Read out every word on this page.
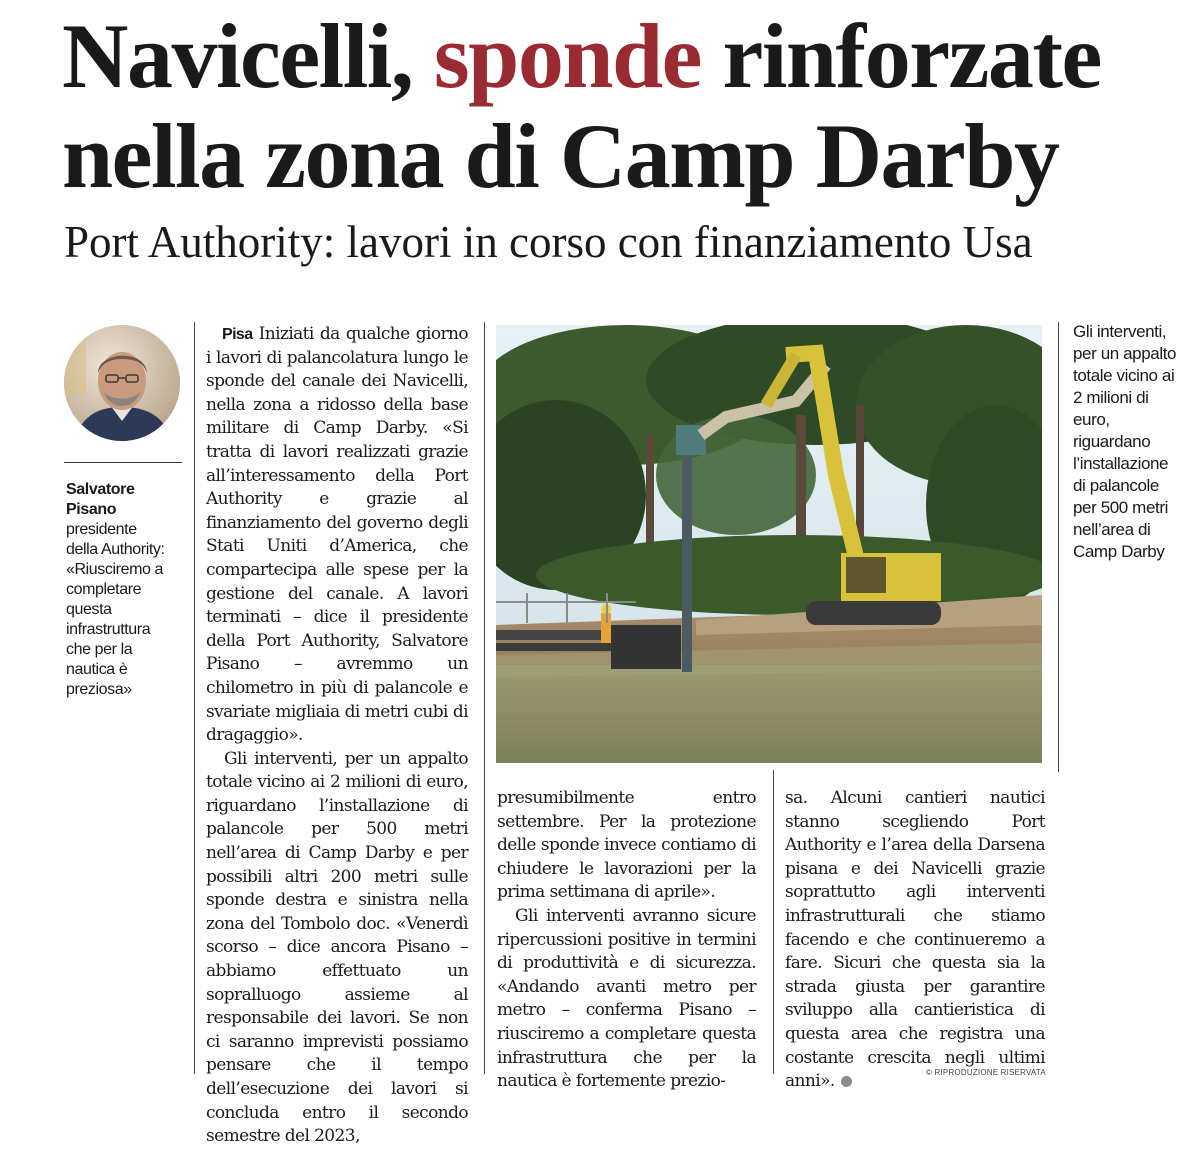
Navicelli, sponde rinforzate nella zona di Camp Darby
Port Authority: lavori in corso con finanziamento Usa
Salvatore Pisano
presidente della Authority: «Riusciremo a completare questa infrastruttura che per la nautica è preziosa»

Pisa Iniziati da qualche giorno i lavori di palancolatura lungo le sponde del canale dei Navicelli, nella zona a ridosso della base militare di Camp Darby. «Si tratta di lavori realizzati grazie all’interessamento della Port Authority e grazie al finanziamento del governo degli Stati Uniti d’America, che compartecipa alle spese per la gestione del canale. A lavori terminati – dice il presidente della Port Authority, Salvatore Pisano – avremmo un chilometro in più di palancole e svariate migliaia di metri cubi di dragaggio».

Gli interventi, per un appalto totale vicino ai 2 milioni di euro, riguardano l’installazione di palancole per 500 metri nell’area di Camp Darby e per possibili altri 200 metri sulle sponde destra e sinistra nella zona del Tombolo doc. «Venerdì scorso – dice ancora Pisano – abbiamo effettuato un sopralluogo assieme al responsabile dei lavori. Se non ci saranno imprevisti possiamo pensare che il tempo dell’esecuzione dei lavori si concluda entro il secondo semestre del 2023,

Gli interventi, per un appalto totale vicino ai 2 milioni di euro, riguardano l’installazione di palancole per 500 metri nell’area di Camp Darby

presumibilmente entro settembre. Per la protezione delle sponde invece contiamo di chiudere le lavorazioni per la prima settimana di aprile».

Gli interventi avranno sicure ripercussioni positive in termini di produttività e di sicurezza. «Andando avanti metro per metro – conferma Pisano – riusciremo a completare questa infrastruttura che per la nautica è fortemente prezio-

sa. Alcuni cantieri nautici stanno scegliendo Port Authority e l’area della Darsena pisana e dei Navicelli grazie soprattutto agli interventi infrastrutturali che stiamo facendo e che continueremo a fare. Sicuri che questa sia la strada giusta per garantire sviluppo alla cantieristica di questa area che registra una costante crescita negli ultimi anni».	© RIPRODUZIONE RISERVATA
